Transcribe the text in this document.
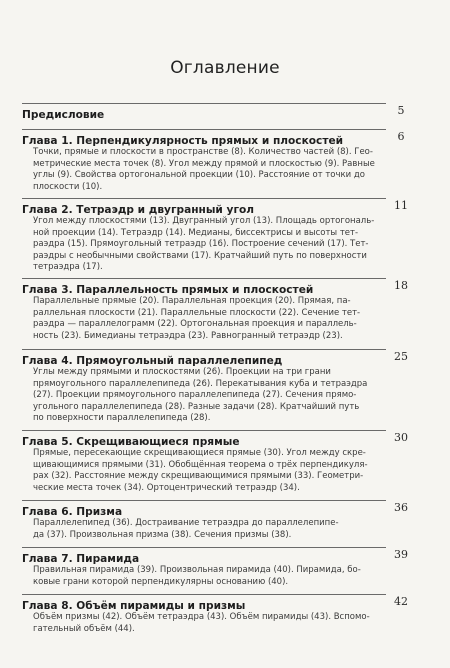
Оглавление
Предисловие	5
Глава 1. Перпендикулярность прямых и плоскостей	6
Точки, прямые и плоскости в пространстве (8). Количество частей (8). Гео-
метрические места точек (8). Угол между прямой и плоскостью (9). Равные
углы (9). Свойства ортогональной проекции (10). Расстояние от точки до
плоскости (10).
Глава 2. Тетраэдр и двугранный угол	11
Угол между плоскостями (13). Двугранный угол (13). Площадь ортогональ-
ной проекции (14). Тетраэдр (14). Медианы, биссектрисы и высоты тет-
раэдра (15). Прямоугольный тетраэдр (16). Построение сечений (17). Тет-
раэдры с необычными свойствами (17). Кратчайший путь по поверхности
тетраэдра (17).
Глава 3. Параллельность прямых и плоскостей	18
Параллельные прямые (20). Параллельная проекция (20). Прямая, па-
раллельная плоскости (21). Параллельные плоскости (22). Сечение тет-
раэдра — параллелограмм (22). Ортогональная проекция и параллель-
ность (23). Бимедианы тетраэдра (23). Равногранный тетраэдр (23).
Глава 4. Прямоугольный параллелепипед	25
Углы между прямыми и плоскостями (26). Проекции на три грани
прямоугольного параллелепипеда (26). Перекатывания куба и тетраэдра
(27). Проекции прямоугольного параллелепипеда (27). Сечения прямо-
угольного параллелепипеда (28). Разные задачи (28). Кратчайший путь
по поверхности параллелепипеда (28).
Глава 5. Скрещивающиеся прямые	30
Прямые, пересекающие скрещивающиеся прямые (30). Угол между скре-
щивающимися прямыми (31). Обобщённая теорема о трёх перпендикуля-
рах (32). Расстояние между скрещивающимися прямыми (33). Геометри-
ческие места точек (34). Ортоцентрический тетраэдр (34).
Глава 6. Призма	36
Параллелепипед (36). Достраивание тетраэдра до параллелепипе-
да (37). Произвольная призма (38). Сечения призмы (38).
Глава 7. Пирамида	39
Правильная пирамида (39). Произвольная пирамида (40). Пирамида, бо-
ковые грани которой перпендикулярны основанию (40).
Глава 8. Объём пирамиды и призмы	42
Объём призмы (42). Объём тетраэдра (43). Объём пирамиды (43). Вспомо-
гательный объём (44).
